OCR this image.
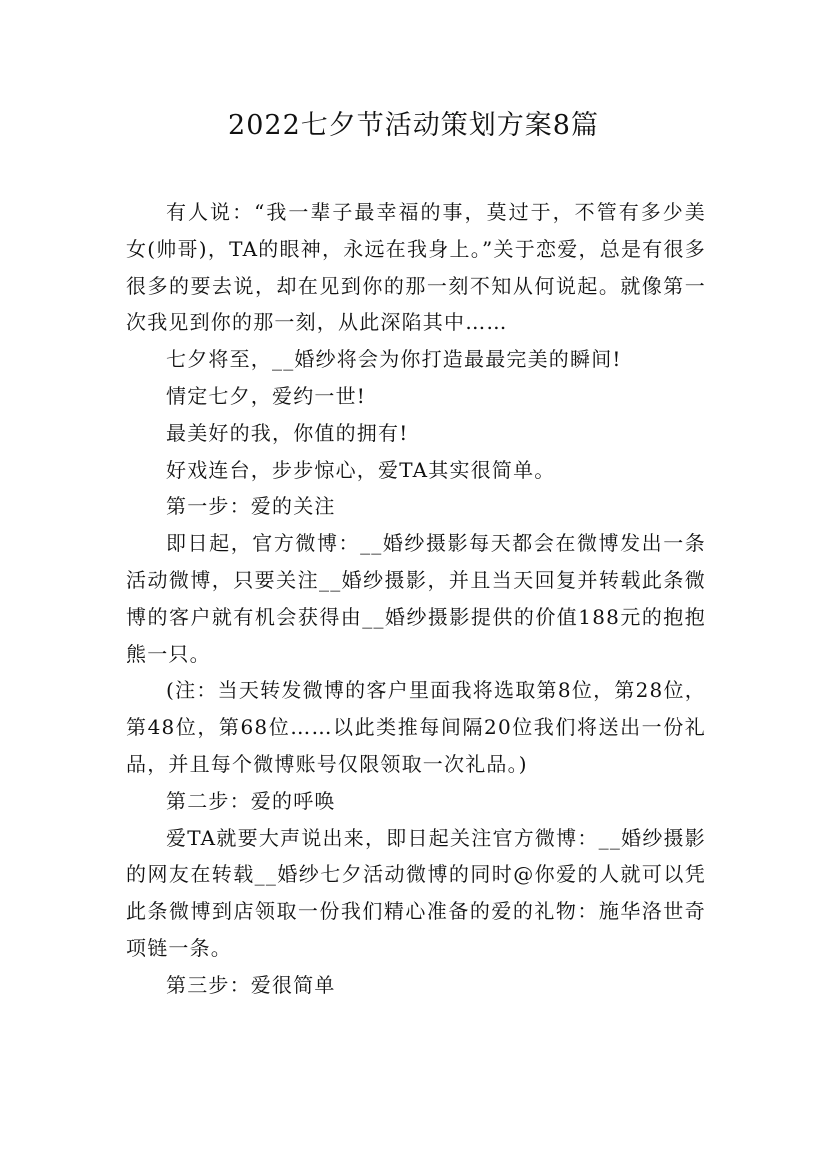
2022七夕节活动策划方案8篇

有人说：“我一辈子最幸福的事，莫过于，不管有多少美女(帅哥)，TA的眼神，永远在我身上。”关于恋爱，总是有很多很多的要去说，却在见到你的那一刻不知从何说起。就像第一次我见到你的那一刻，从此深陷其中……

七夕将至，__婚纱将会为你打造最最完美的瞬间!

情定七夕，爱约一世!

最美好的我，你值的拥有!

好戏连台，步步惊心，爱TA其实很简单。

第一步：爱的关注

即日起，官方微博：__婚纱摄影每天都会在微博发出一条活动微博，只要关注__婚纱摄影，并且当天回复并转载此条微博的客户就有机会获得由__婚纱摄影提供的价值188元的抱抱熊一只。

(注：当天转发微博的客户里面我将选取第8位，第28位，第48位，第68位……以此类推每间隔20位我们将送出一份礼品，并且每个微博账号仅限领取一次礼品。)

第二步：爱的呼唤

爱TA就要大声说出来，即日起关注官方微博：__婚纱摄影的网友在转载__婚纱七夕活动微博的同时@你爱的人就可以凭此条微博到店领取一份我们精心准备的爱的礼物：施华洛世奇项链一条。

第三步：爱很简单
